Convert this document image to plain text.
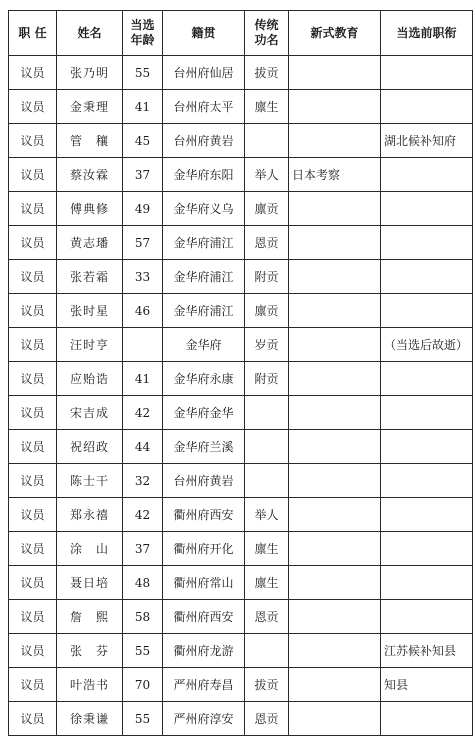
职 任	姓名	当选年龄	籍贯	传统功名	新式教育	当选前职衔
议员	张乃明	55	台州府仙居	拔贡		
议员	金秉理	41	台州府太平	廪生		
议员	管　穰	45	台州府黄岩			湖北候补知府
议员	蔡汝霖	37	金华府东阳	举人	日本考察	
议员	傅典修	49	金华府义乌	廪贡		
议员	黄志璠	57	金华府浦江	恩贡		
议员	张若霜	33	金华府浦江	附贡		
议员	张时星	46	金华府浦江	廪贡		
议员	汪时亨		金华府	岁贡		（当选后故逝）
议员	应贻诰	41	金华府永康	附贡		
议员	宋吉成	42	金华府金华			
议员	祝绍政	44	金华府兰溪			
议员	陈士干	32	台州府黄岩			
议员	郑永禧	42	衢州府西安	举人		
议员	涂　山	37	衢州府开化	廪生		
议员	聂日培	48	衢州府常山	廪生		
议员	詹　熙	58	衢州府西安	恩贡		
议员	张　芬	55	衢州府龙游			江苏候补知县
议员	叶浩书	70	严州府寿昌	拔贡		知县
议员	徐秉谦	55	严州府淳安	恩贡		
